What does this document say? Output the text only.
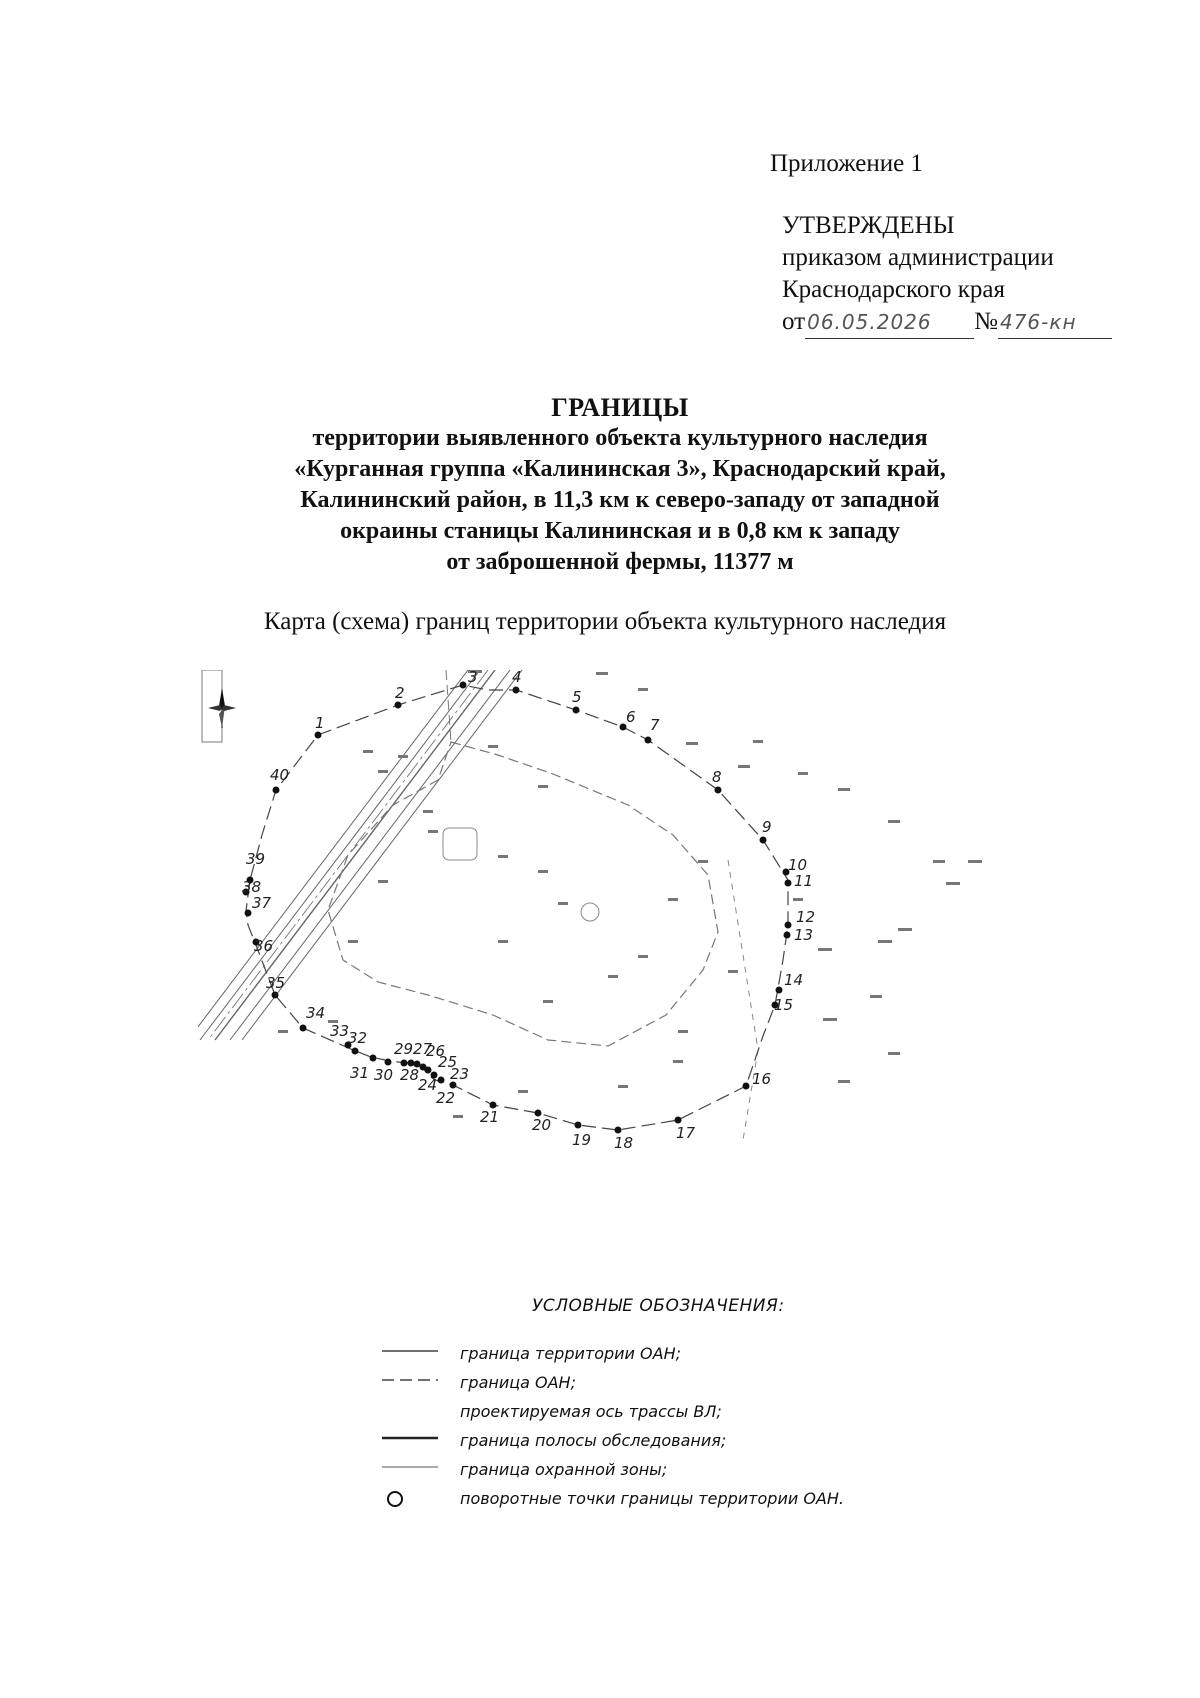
Приложение 1
УТВЕРЖДЕНЫ
приказом администрации
Краснодарского края
от 06.05.2026 № 476-кн
ГРАНИЦЫ
территории выявленного объекта культурного наследия
«Курганная группа «Калининская 3», Краснодарский край,
Калининский район, в 11,3 км к северо-западу от западной
окраины станицы Калининская и в 0,8 км к западу
от заброшенной фермы, 11377 м
Карта (схема) границ территории объекта культурного наследия
1
2
3 4
5
6 7
8
9
10
11
12
13
14
15
16
17
18
19
20
21
22
23
24
25
26
27
28
29
30
31
32
33
34
35
36
37
38
39
40
УСЛОВНЫЕ ОБОЗНАЧЕНИЯ:
граница территории ОАН;
граница ОАН;
проектируемая ось трассы ВЛ;
граница полосы обследования;
граница охранной зоны;
поворотные точки границы территории ОАН.
